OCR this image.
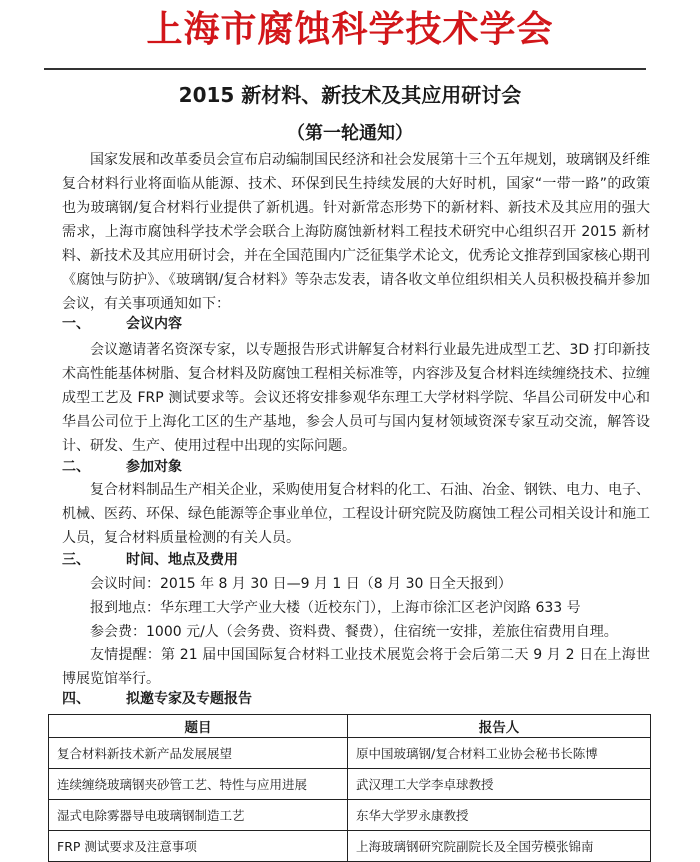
上海市腐蚀科学技术学会
2015 新材料、新技术及其应用研讨会
（第一轮通知）
国家发展和改革委员会宣布启动编制国民经济和社会发展第十三个五年规划，玻璃钢及纤维复合材料行业将面临从能源、技术、环保到民生持续发展的大好时机，国家“一带一路”的政策也为玻璃钢/复合材料行业提供了新机遇。针对新常态形势下的新材料、新技术及其应用的强大需求，上海市腐蚀科学技术学会联合上海防腐蚀新材料工程技术研究中心组织召开 2015 新材料、新技术及其应用研讨会，并在全国范围内广泛征集学术论文，优秀论文推荐到国家核心期刊《腐蚀与防护》、《玻璃钢/复合材料》等杂志发表，请各收文单位组织相关人员积极投稿并参加会议，有关事项通知如下：
一、	会议内容
会议邀请著名资深专家，以专题报告形式讲解复合材料行业最先进成型工艺、3D 打印新技术高性能基体树脂、复合材料及防腐蚀工程相关标准等，内容涉及复合材料连续缠绕技术、拉缠成型工艺及 FRP 测试要求等。会议还将安排参观华东理工大学材料学院、华昌公司研发中心和华昌公司位于上海化工区的生产基地，参会人员可与国内复材领域资深专家互动交流，解答设计、研发、生产、使用过程中出现的实际问题。
二、	参加对象
复合材料制品生产相关企业，采购使用复合材料的化工、石油、冶金、钢铁、电力、电子、机械、医药、环保、绿色能源等企事业单位，工程设计研究院及防腐蚀工程公司相关设计和施工人员，复合材料质量检测的有关人员。
三、	时间、地点及费用
会议时间：2015 年 8 月 30 日—9 月 1 日（8 月 30 日全天报到）
报到地点：华东理工大学产业大楼（近校东门），上海市徐汇区老沪闵路 633 号
参会费：1000 元/人（会务费、资料费、餐费），住宿统一安排，差旅住宿费用自理。
友情提醒：第 21 届中国国际复合材料工业技术展览会将于会后第二天 9 月 2 日在上海世博展览馆举行。
四、	拟邀专家及专题报告
题目	报告人
复合材料新技术新产品发展展望	原中国玻璃钢/复合材料工业协会秘书长陈博
连续缠绕玻璃钢夹砂管工艺、特性与应用进展	武汉理工大学李卓球教授
湿式电除雾器导电玻璃钢制造工艺	东华大学罗永康教授
FRP 测试要求及注意事项	上海玻璃钢研究院副院长及全国劳模张锦南
